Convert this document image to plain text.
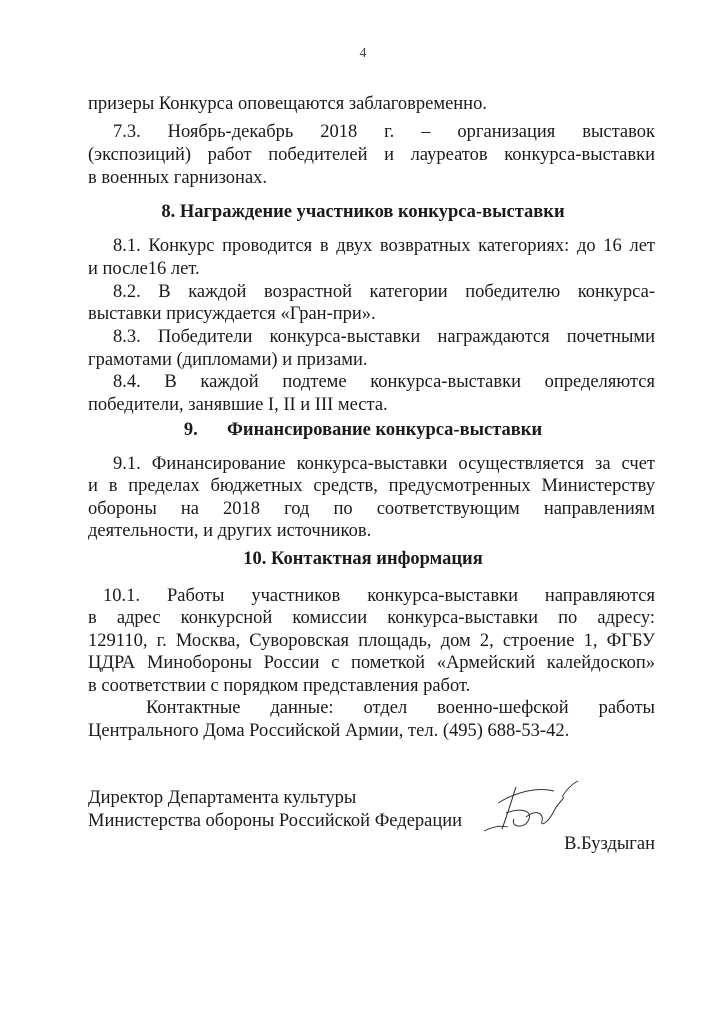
4
призеры Конкурса оповещаются заблаговременно.
7.3. Ноябрь-декабрь 2018 г. – организация выставок
(экспозиций) работ победителей и лауреатов конкурса-выставки
в военных гарнизонах.
8. Награждение участников конкурса-выставки
8.1. Конкурс проводится в двух возвратных категориях: до 16 лет
и после16 лет.
8.2. В каждой возрастной категории победителю конкурса-
выставки присуждается «Гран-при».
8.3. Победители конкурса-выставки награждаются почетными
грамотами (дипломами) и призами.
8.4. В каждой подтеме конкурса-выставки определяются
победители, занявшие I, II и III места.
9. Финансирование конкурса-выставки
9.1. Финансирование конкурса-выставки осуществляется за счет
и в пределах бюджетных средств, предусмотренных Министерству
обороны на 2018 год по соответствующим направлениям
деятельности, и других источников.
10. Контактная информация
10.1. Работы участников конкурса-выставки направляются
в адрес конкурсной комиссии конкурса-выставки по адресу:
129110, г. Москва, Суворовская площадь, дом 2, строение 1, ФГБУ
ЦДРА Минобороны России с пометкой «Армейский калейдоскоп»
в соответствии с порядком представления работ.
Контактные данные: отдел военно-шефской работы
Центрального Дома Российской Армии, тел. (495) 688-53-42.
Директор Департамента культуры
Министерства обороны Российской Федерации
В.Буздыган
